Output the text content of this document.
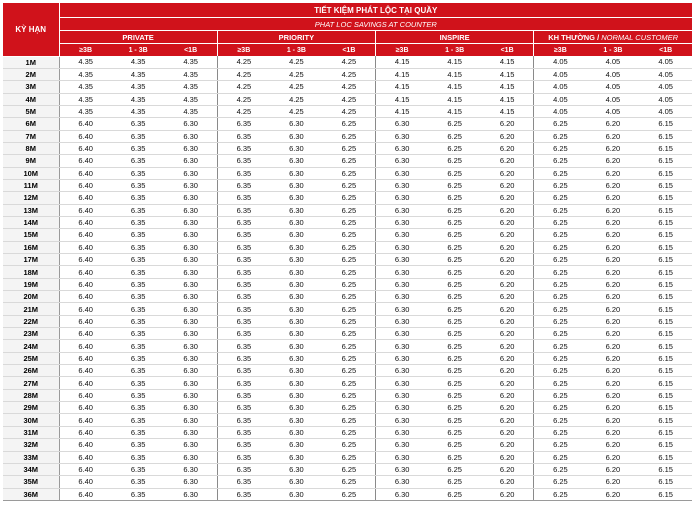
KỲ HẠN	TIẾT KIỆM PHÁT LỘC TẠI QUẦY											
	PHAT LOC SAVINGS AT COUNTER											
	PRIVATE			PRIORITY			INSPIRE			KH THƯỜNG / NORMAL CUSTOMER		
	≥3B	1 - 3B	<1B	≥3B	1 - 3B	<1B	≥3B	1 - 3B	<1B	≥3B	1 - 3B	<1B
1M	4.35	4.35	4.35	4.25	4.25	4.25	4.15	4.15	4.15	4.05	4.05	4.05
2M	4.35	4.35	4.35	4.25	4.25	4.25	4.15	4.15	4.15	4.05	4.05	4.05
3M	4.35	4.35	4.35	4.25	4.25	4.25	4.15	4.15	4.15	4.05	4.05	4.05
4M	4.35	4.35	4.35	4.25	4.25	4.25	4.15	4.15	4.15	4.05	4.05	4.05
5M	4.35	4.35	4.35	4.25	4.25	4.25	4.15	4.15	4.15	4.05	4.05	4.05
6M	6.40	6.35	6.30	6.35	6.30	6.25	6.30	6.25	6.20	6.25	6.20	6.15
7M	6.40	6.35	6.30	6.35	6.30	6.25	6.30	6.25	6.20	6.25	6.20	6.15
8M	6.40	6.35	6.30	6.35	6.30	6.25	6.30	6.25	6.20	6.25	6.20	6.15
9M	6.40	6.35	6.30	6.35	6.30	6.25	6.30	6.25	6.20	6.25	6.20	6.15
10M	6.40	6.35	6.30	6.35	6.30	6.25	6.30	6.25	6.20	6.25	6.20	6.15
11M	6.40	6.35	6.30	6.35	6.30	6.25	6.30	6.25	6.20	6.25	6.20	6.15
12M	6.40	6.35	6.30	6.35	6.30	6.25	6.30	6.25	6.20	6.25	6.20	6.15
13M	6.40	6.35	6.30	6.35	6.30	6.25	6.30	6.25	6.20	6.25	6.20	6.15
14M	6.40	6.35	6.30	6.35	6.30	6.25	6.30	6.25	6.20	6.25	6.20	6.15
15M	6.40	6.35	6.30	6.35	6.30	6.25	6.30	6.25	6.20	6.25	6.20	6.15
16M	6.40	6.35	6.30	6.35	6.30	6.25	6.30	6.25	6.20	6.25	6.20	6.15
17M	6.40	6.35	6.30	6.35	6.30	6.25	6.30	6.25	6.20	6.25	6.20	6.15
18M	6.40	6.35	6.30	6.35	6.30	6.25	6.30	6.25	6.20	6.25	6.20	6.15
19M	6.40	6.35	6.30	6.35	6.30	6.25	6.30	6.25	6.20	6.25	6.20	6.15
20M	6.40	6.35	6.30	6.35	6.30	6.25	6.30	6.25	6.20	6.25	6.20	6.15
21M	6.40	6.35	6.30	6.35	6.30	6.25	6.30	6.25	6.20	6.25	6.20	6.15
22M	6.40	6.35	6.30	6.35	6.30	6.25	6.30	6.25	6.20	6.25	6.20	6.15
23M	6.40	6.35	6.30	6.35	6.30	6.25	6.30	6.25	6.20	6.25	6.20	6.15
24M	6.40	6.35	6.30	6.35	6.30	6.25	6.30	6.25	6.20	6.25	6.20	6.15
25M	6.40	6.35	6.30	6.35	6.30	6.25	6.30	6.25	6.20	6.25	6.20	6.15
26M	6.40	6.35	6.30	6.35	6.30	6.25	6.30	6.25	6.20	6.25	6.20	6.15
27M	6.40	6.35	6.30	6.35	6.30	6.25	6.30	6.25	6.20	6.25	6.20	6.15
28M	6.40	6.35	6.30	6.35	6.30	6.25	6.30	6.25	6.20	6.25	6.20	6.15
29M	6.40	6.35	6.30	6.35	6.30	6.25	6.30	6.25	6.20	6.25	6.20	6.15
30M	6.40	6.35	6.30	6.35	6.30	6.25	6.30	6.25	6.20	6.25	6.20	6.15
31M	6.40	6.35	6.30	6.35	6.30	6.25	6.30	6.25	6.20	6.25	6.20	6.15
32M	6.40	6.35	6.30	6.35	6.30	6.25	6.30	6.25	6.20	6.25	6.20	6.15
33M	6.40	6.35	6.30	6.35	6.30	6.25	6.30	6.25	6.20	6.25	6.20	6.15
34M	6.40	6.35	6.30	6.35	6.30	6.25	6.30	6.25	6.20	6.25	6.20	6.15
35M	6.40	6.35	6.30	6.35	6.30	6.25	6.30	6.25	6.20	6.25	6.20	6.15
36M	6.40	6.35	6.30	6.35	6.30	6.25	6.30	6.25	6.20	6.25	6.20	6.15
